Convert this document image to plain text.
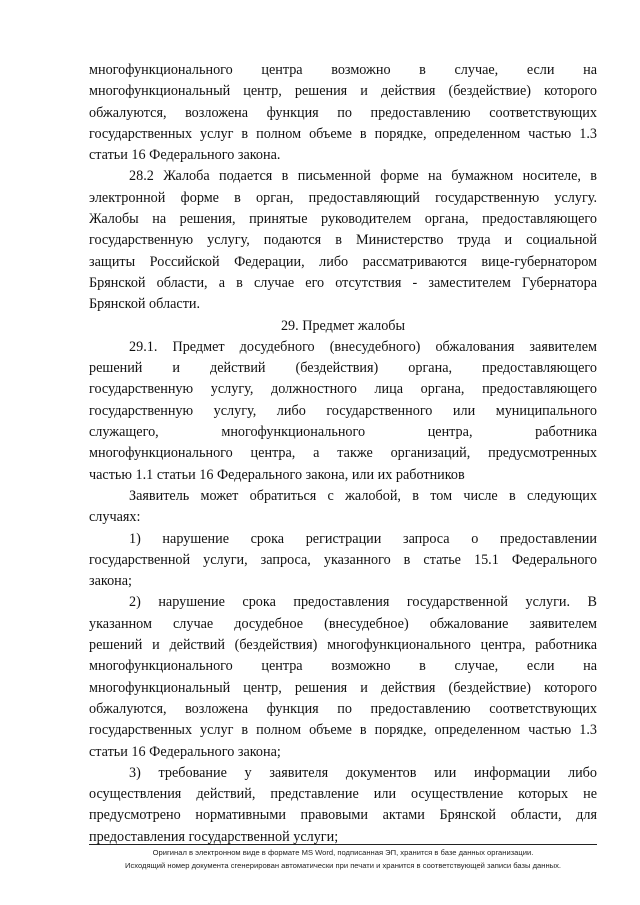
многофункционального центра возможно в случае, если на
многофункциональный центр, решения и действия (бездействие) которого
обжалуются, возложена функция по предоставлению соответствующих
государственных услуг в полном объеме в порядке, определенном частью 1.3
статьи 16 Федерального закона.
28.2 Жалоба подается в письменной форме на бумажном носителе, в
электронной форме в орган, предоставляющий государственную услугу.
Жалобы на решения, принятые руководителем органа, предоставляющего
государственную услугу, подаются в Министерство труда и социальной
защиты Российской Федерации, либо рассматриваются вице-губернатором
Брянской области, а в случае его отсутствия - заместителем Губернатора
Брянской области.
29. Предмет жалобы
29.1. Предмет досудебного (внесудебного) обжалования заявителем
решений и действий (бездействия) органа, предоставляющего
государственную услугу, должностного лица органа, предоставляющего
государственную услугу, либо государственного или муниципального
служащего, многофункционального центра, работника
многофункционального центра, а также организаций, предусмотренных
частью 1.1 статьи 16 Федерального закона, или их работников
Заявитель может обратиться с жалобой, в том числе в следующих
случаях:
1) нарушение срока регистрации запроса о предоставлении
государственной услуги, запроса, указанного в статье 15.1 Федерального
закона;
2) нарушение срока предоставления государственной услуги. В
указанном случае досудебное (внесудебное) обжалование заявителем
решений и действий (бездействия) многофункционального центра, работника
многофункционального центра возможно в случае, если на
многофункциональный центр, решения и действия (бездействие) которого
обжалуются, возложена функция по предоставлению соответствующих
государственных услуг в полном объеме в порядке, определенном частью 1.3
статьи 16 Федерального закона;
3) требование у заявителя документов или информации либо
осуществления действий, представление или осуществление которых не
предусмотрено нормативными правовыми актами Брянской области, для
предоставления государственной услуги;
Оригинал в электронном виде в формате MS Word, подписанная ЭП, хранится в базе данных организации.
Исходящий номер документа сгенерирован автоматически при печати и хранится в соответствующей записи базы данных.
